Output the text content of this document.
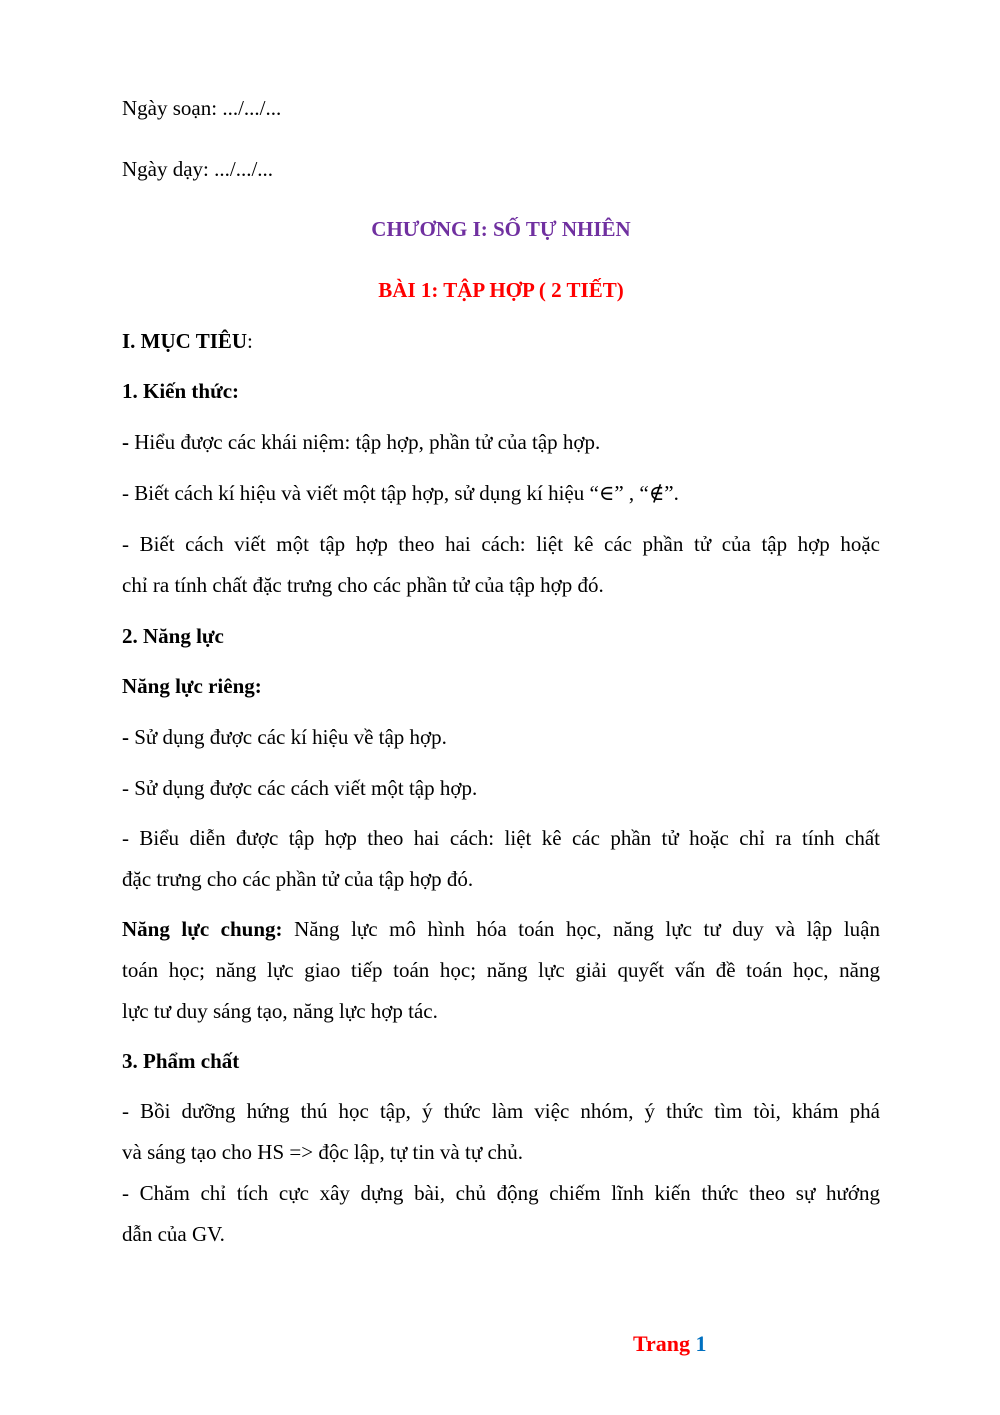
Ngày soạn: .../.../...
Ngày dạy: .../.../...
CHƯƠNG I: SỐ TỰ NHIÊN
BÀI 1: TẬP HỢP ( 2 TIẾT)
I. MỤC TIÊU:
1. Kiến thức:
- Hiểu được các khái niệm: tập hợp, phần tử của tập hợp.
- Biết cách kí hiệu và viết một tập hợp, sử dụng kí hiệu “∈” , “∉”.
- Biết cách viết một tập hợp theo hai cách: liệt kê các phần tử của tập hợp hoặc
chỉ ra tính chất đặc trưng cho các phần tử của tập hợp đó.
2. Năng lực
Năng lực riêng:
- Sử dụng được các kí hiệu về tập hợp.
- Sử dụng được các cách viết một tập hợp.
- Biểu diễn được tập hợp theo hai cách: liệt kê các phần tử hoặc chỉ ra tính chất
đặc trưng cho các phần tử của tập hợp đó.
Năng lực chung: Năng lực mô hình hóa toán học, năng lực tư duy và lập luận
toán học; năng lực giao tiếp toán học; năng lực giải quyết vấn đề toán học, năng
lực tư duy sáng tạo, năng lực hợp tác.
3. Phẩm chất
- Bồi dưỡng hứng thú học tập, ý thức làm việc nhóm, ý thức tìm tòi, khám phá
và sáng tạo cho HS => độc lập, tự tin và tự chủ.
- Chăm chỉ tích cực xây dựng bài, chủ động chiếm lĩnh kiến thức theo sự hướng
dẫn của GV.
Trang 1
